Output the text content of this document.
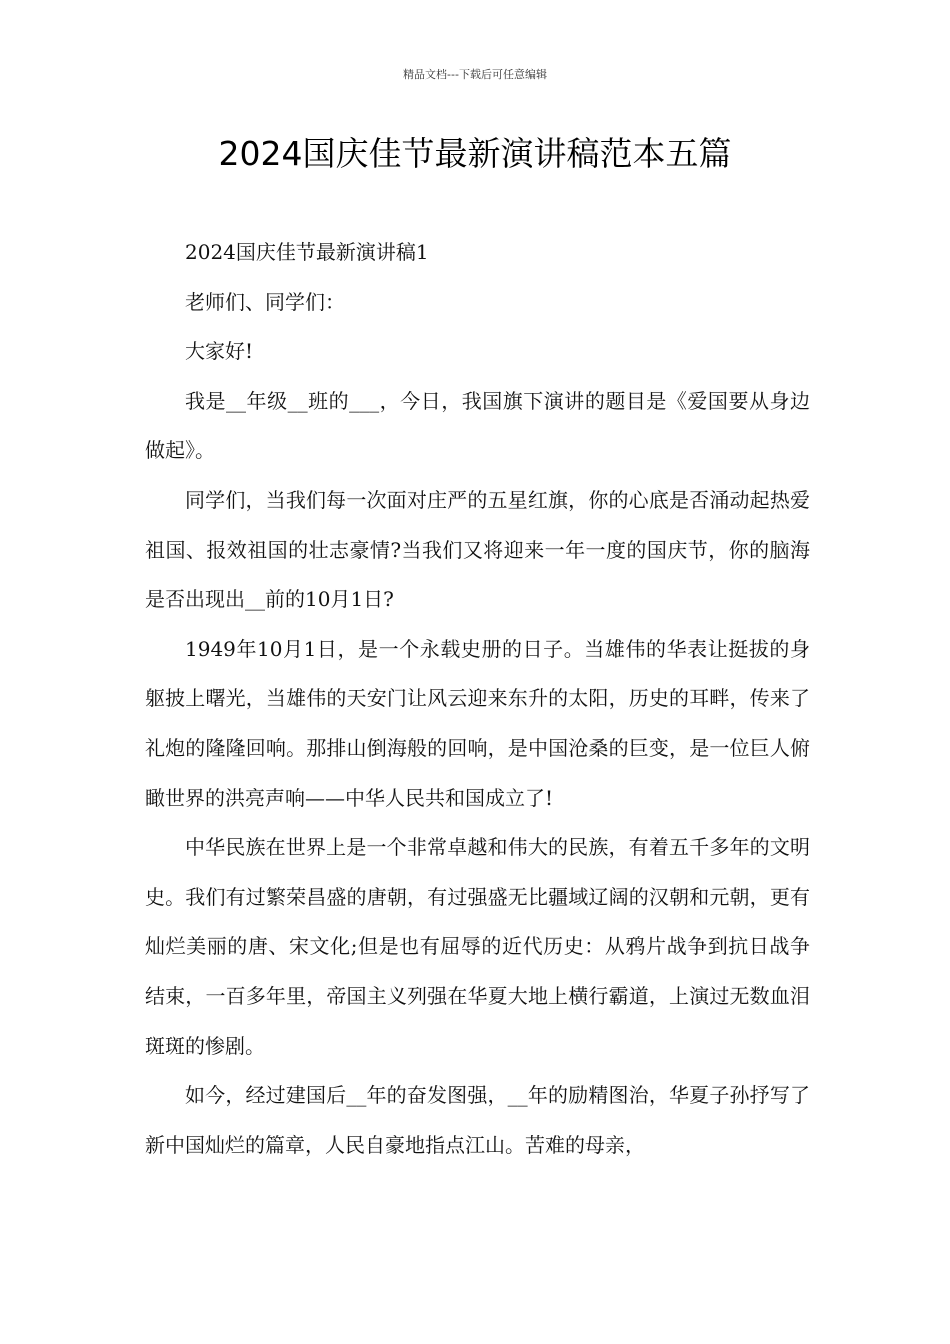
精品文档---下载后可任意编辑
2024国庆佳节最新演讲稿范本五篇

2024国庆佳节最新演讲稿1

老师们、同学们：

大家好!

我是__年级__班的___，今日，我国旗下演讲的题目是《爱国要从身边做起》。

同学们，当我们每一次面对庄严的五星红旗，你的心底是否涌动起热爱祖国、报效祖国的壮志豪情?当我们又将迎来一年一度的国庆节，你的脑海是否出现出__前的10月1日?

1949年10月1日，是一个永载史册的日子。当雄伟的华表让挺拔的身躯披上曙光，当雄伟的天安门让风云迎来东升的太阳，历史的耳畔，传来了礼炮的隆隆回响。那排山倒海般的回响，是中国沧桑的巨变，是一位巨人俯瞰世界的洪亮声响——中华人民共和国成立了!

中华民族在世界上是一个非常卓越和伟大的民族，有着五千多年的文明史。我们有过繁荣昌盛的唐朝，有过强盛无比疆域辽阔的汉朝和元朝，更有灿烂美丽的唐、宋文化;但是也有屈辱的近代历史：从鸦片战争到抗日战争结束，一百多年里，帝国主义列强在华夏大地上横行霸道，上演过无数血泪斑斑的惨剧。

如今，经过建国后__年的奋发图强，__年的励精图治，华夏子孙抒写了新中国灿烂的篇章，人民自豪地指点江山。苦难的母亲，
